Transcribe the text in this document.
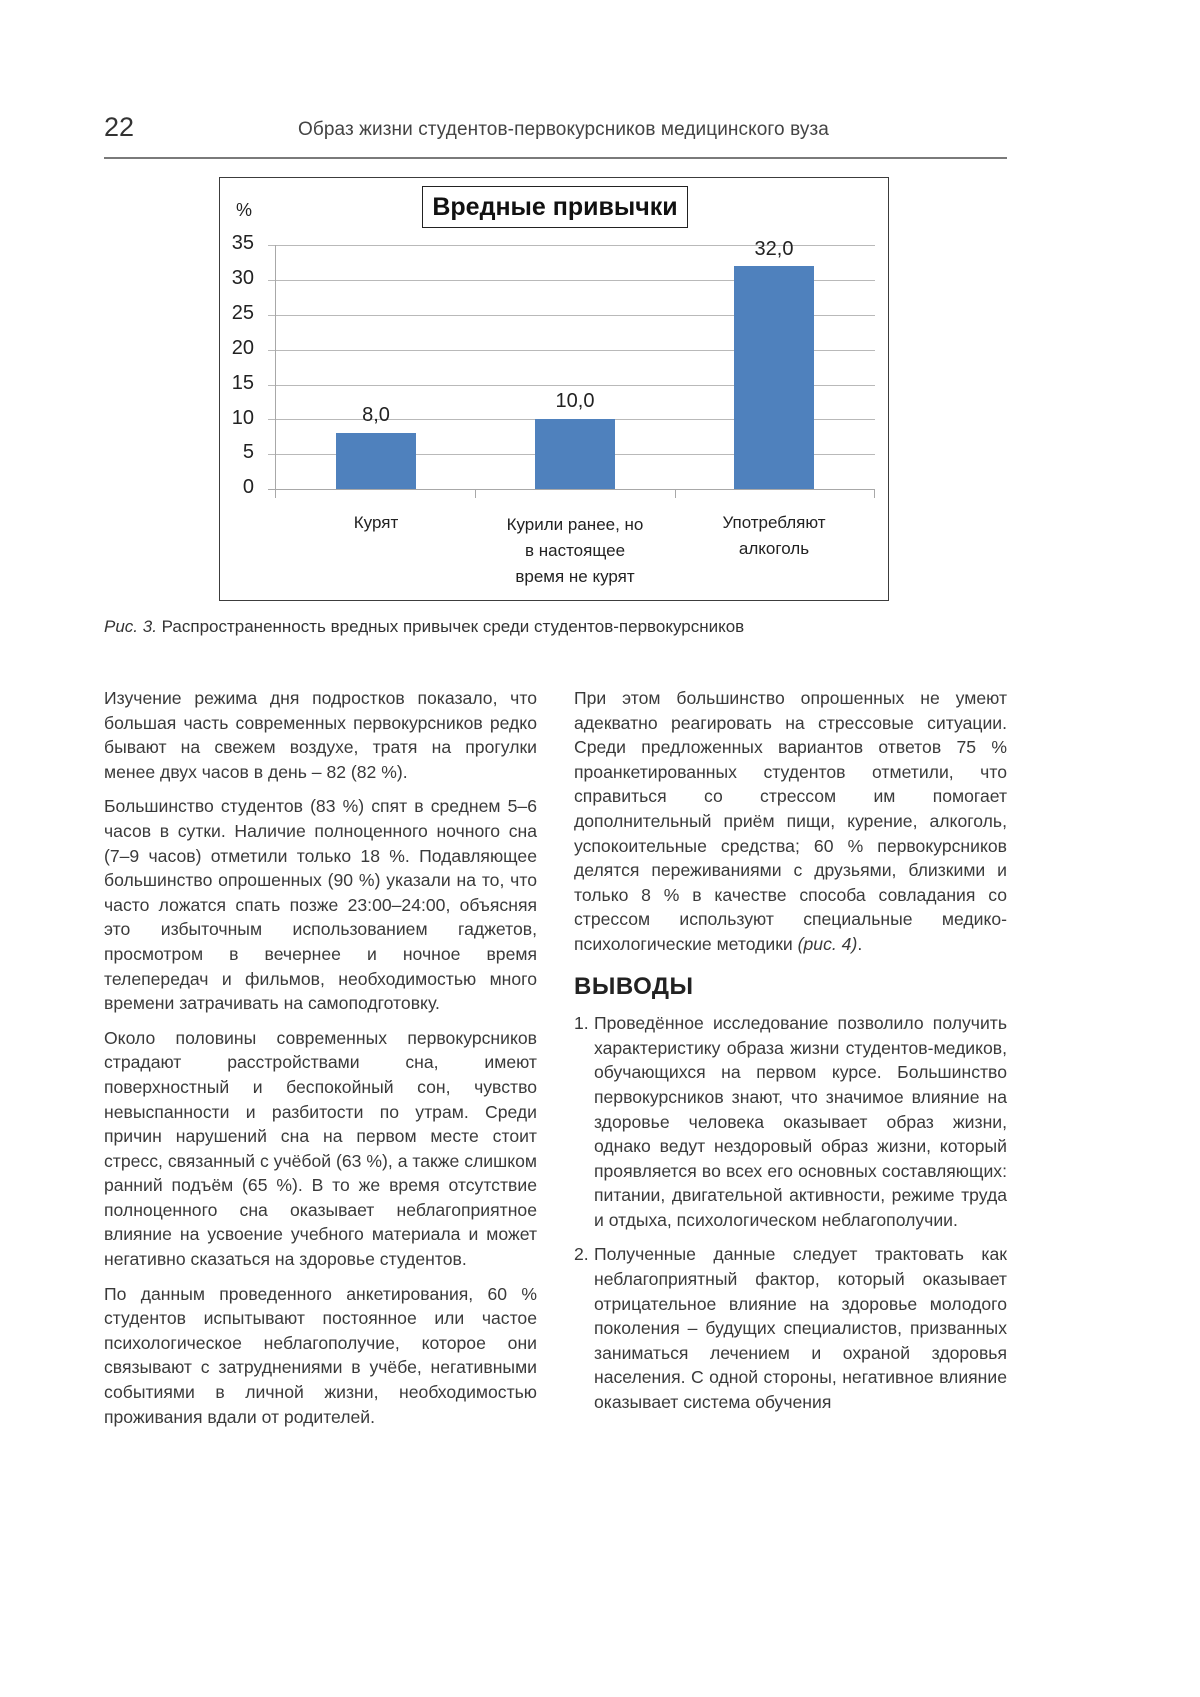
22	Образ жизни студентов-первокурсников медицинского вуза
Вредные привычки
%
35
30
25
20
15
10
5
0
8,0
10,0
32,0
Курят	Курили ранее, но
в настоящее
время не курят
Употребляют
алкоголь
Рис. 3. Распространенность вредных привычек среди студентов-первокурсников

Изучение режима дня подростков показало, что большая часть современных первокурсников редко бывают на свежем воздухе, тратя на прогулки менее двух часов в день – 82 (82 %).

Большинство студентов (83 %) спят в среднем 5–6 часов в сутки. Наличие полноценного ночного сна (7–9 часов) отметили только 18 %. Подавляющее большинство опрошенных (90 %) указали на то, что часто ложатся спать позже 23:00–24:00, объясняя это избыточным использованием гаджетов, просмотром в вечернее и ночное время телепередач и фильмов, необходимостью много времени затрачивать на самоподготовку.

Около половины современных первокурсников страдают расстройствами сна, имеют поверхностный и беспокойный сон, чувство невыспанности и разбитости по утрам. Среди причин нарушений сна на первом месте стоит стресс, связанный с учёбой (63 %), а также слишком ранний подъём (65 %). В то же время отсутствие полноценного сна оказывает неблагоприятное влияние на усвоение учебного материала и может негативно сказаться на здоровье студентов.

По данным проведенного анкетирования, 60 % студентов испытывают постоянное или частое психологическое неблагополучие, которое они связывают с затруднениями в учёбе, негативными событиями в личной жизни, необходимостью проживания вдали от родителей.

При этом большинство опрошенных не умеют адекватно реагировать на стрессовые ситуации. Среди предложенных вариантов ответов 75 % проанкетированных студентов отметили, что справиться со стрессом им помогает дополнительный приём пищи, курение, алкоголь, успокоительные средства; 60 % первокурсников делятся переживаниями с друзьями, близкими и только 8 % в качестве способа совладания со стрессом используют специальные медико-психологические методики (рис. 4).

ВЫВОДЫ
1. Проведённое исследование позволило получить характеристику образа жизни студентов-медиков, обучающихся на первом курсе. Большинство первокурсников знают, что значимое влияние на здоровье человека оказывает образ жизни, однако ведут нездоровый образ жизни, который проявляется во всех его основных составляющих: питании, двигательной активности, режиме труда и отдыха, психологическом неблагополучии.
2. Полученные данные следует трактовать как неблагоприятный фактор, который оказывает отрицательное влияние на здоровье молодого поколения – будущих специалистов, призванных заниматься лечением и охраной здоровья населения. С одной стороны, негативное влияние оказывает система обучения
